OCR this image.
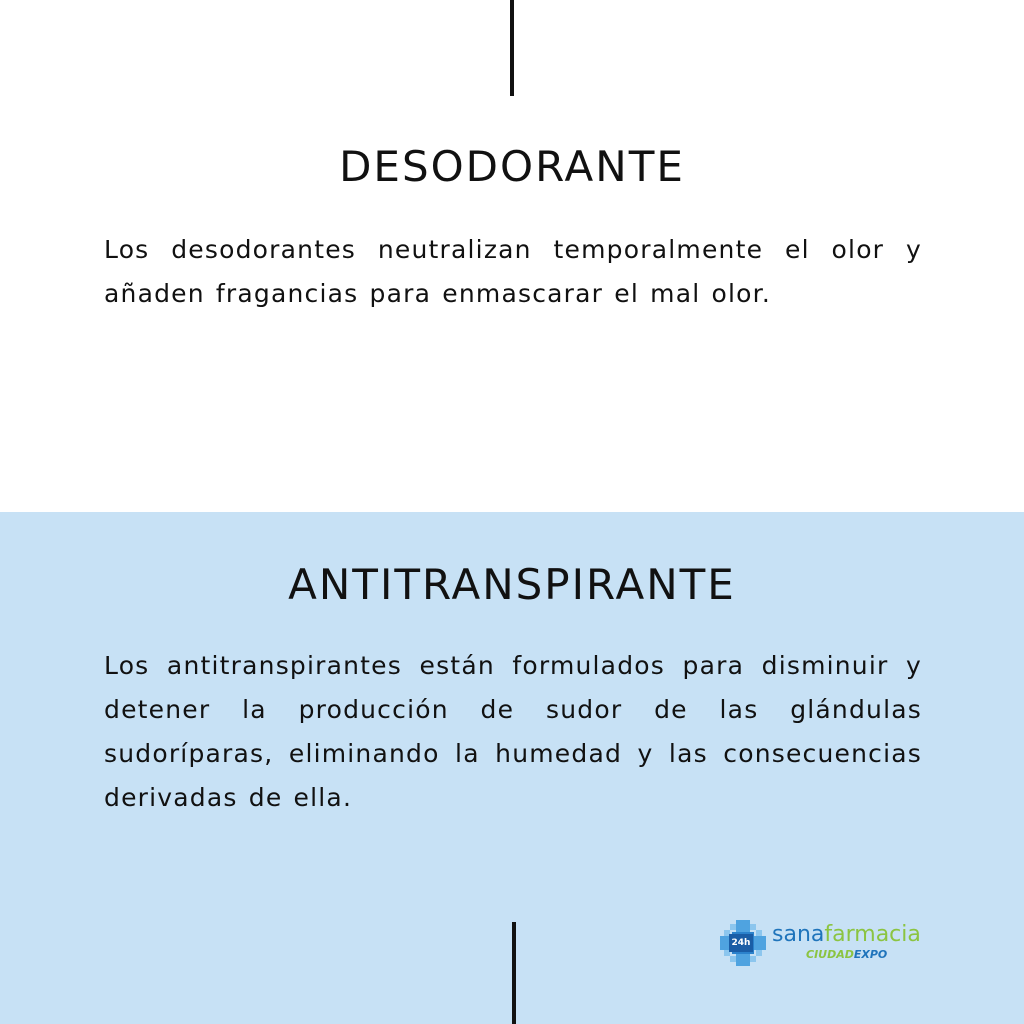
DESODORANTE

Los desodorantes neutralizan temporalmente el olor y añaden fragancias para enmascarar el mal olor.

ANTITRANSPIRANTE

Los antitranspirantes están formulados para disminuir y detener la producción de sudor de las glándulas sudoríparas, eliminando la humedad y las consecuencias derivadas de ella.

24h sanafarmacia
CIUDADEXPO
